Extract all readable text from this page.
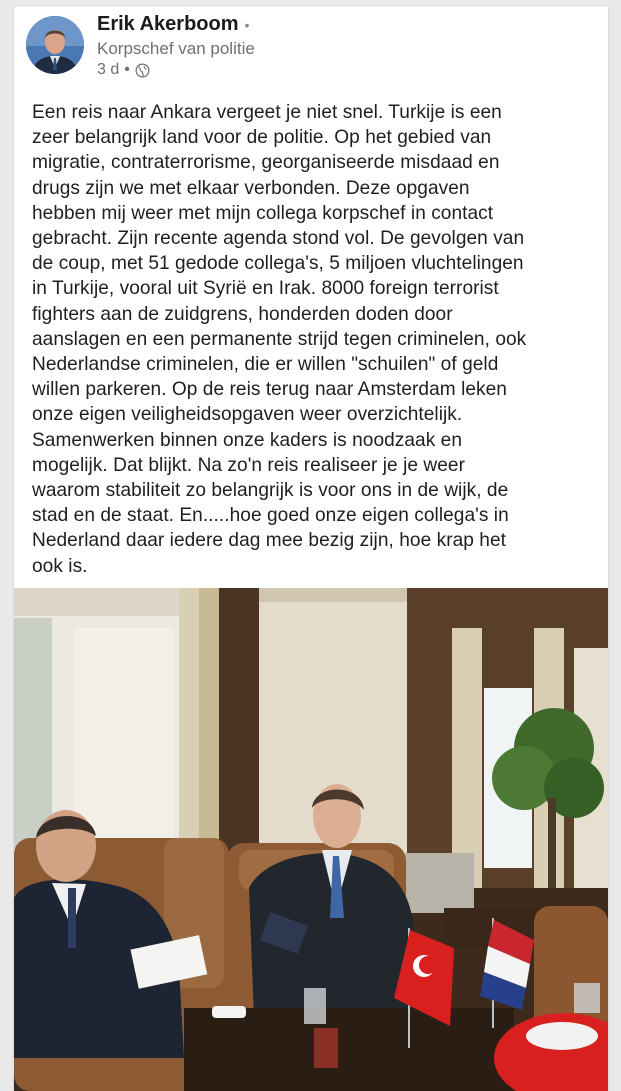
Erik Akerboom •
Korpschef van politie
3 d •
Een reis naar Ankara vergeet je niet snel. Turkije is een
zeer belangrijk land voor de politie. Op het gebied van
migratie, contraterrorisme, georganiseerde misdaad en
drugs zijn we met elkaar verbonden. Deze opgaven
hebben mij weer met mijn collega korpschef in contact
gebracht. Zijn recente agenda stond vol. De gevolgen van
de coup, met 51 gedode collega's, 5 miljoen vluchtelingen
in Turkije, vooral uit Syrië en Irak. 8000 foreign terrorist
fighters aan de zuidgrens, honderden doden door
aanslagen en een permanente strijd tegen criminelen, ook
Nederlandse criminelen, die er willen "schuilen" of geld
willen parkeren. Op de reis terug naar Amsterdam leken
onze eigen veiligheidsopgaven weer overzichtelijk.
Samenwerken binnen onze kaders is noodzaak en
mogelijk. Dat blijkt. Na zo'n reis realiseer je je weer
waarom stabiliteit zo belangrijk is voor ons in de wijk, de
stad en de staat. En.....hoe goed onze eigen collega's in
Nederland daar iedere dag mee bezig zijn, hoe krap het
ook is.
